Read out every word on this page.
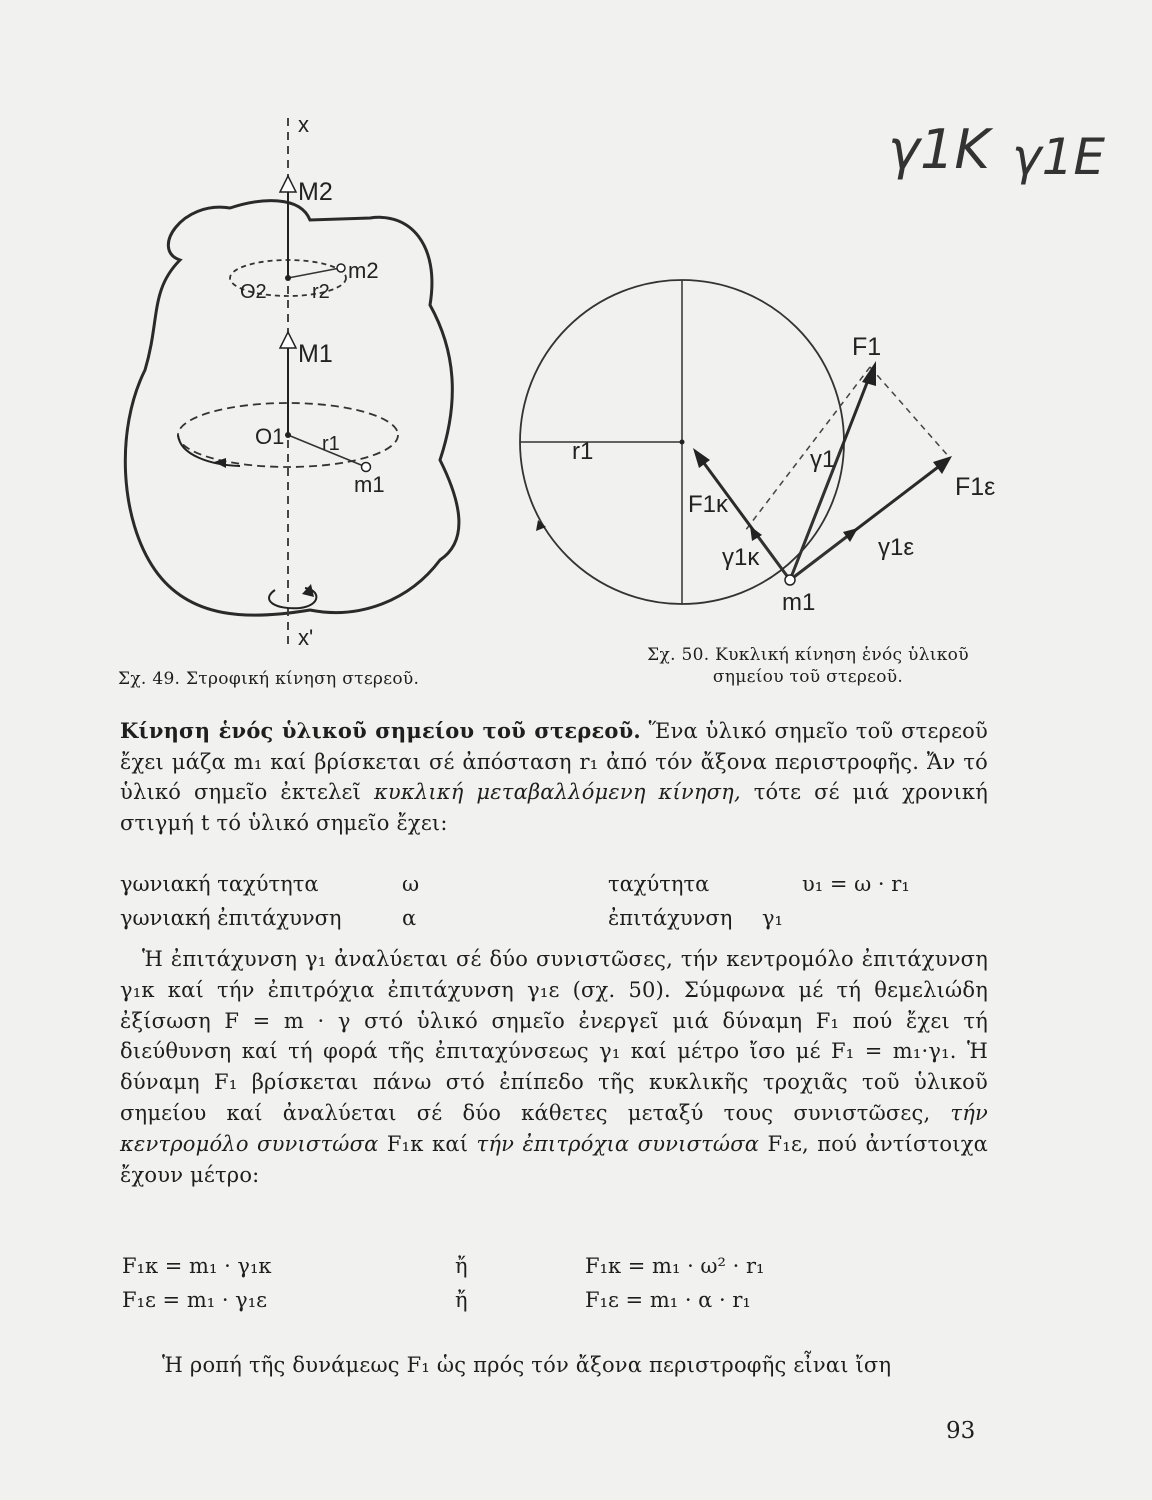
γ1K γ1E
x
x'
M2
m2
O2 r2
M1
O1 r1
m1
Σχ. 49. Στροφική κίνηση στερεοῦ.
F1
γ1
F1ε
γ1ε
F1κ
γ1κ
m1
r1
Σχ. 50. Κυκλική κίνηση ἑνός ὑλικοῦ
σημείου τοῦ στερεοῦ.

Κίνηση ἑνός ὑλικοῦ σημείου τοῦ στερεοῦ. Ἕνα ὑλικό σημεῖο τοῦ στερεοῦ ἔχει μάζα m₁ καί βρίσκεται σέ ἀπόσταση r₁ ἀπό τόν ἄξονα περιστροφῆς. Ἄν τό ὑλικό σημεῖο ἐκτελεῖ κυκλική μεταβαλλόμενη κίνηση, τότε σέ μιά χρονική στιγμή t τό ὑλικό σημεῖο ἔχει:

γωνιακή ταχύτητα	ω	ταχύτητα	υ₁ = ω · r₁
γωνιακή ἐπιτάχυνση	α	ἐπιτάχυνση γ₁

Ἡ ἐπιτάχυνση γ₁ ἀναλύεται σέ δύο συνιστῶσες, τήν κεντρομόλο ἐπιτάχυνση γ₁κ καί τήν ἐπιτρόχια ἐπιτάχυνση γ₁ε (σχ. 50). Σύμφωνα μέ τή θεμελιώδη ἐξίσωση F = m · γ στό ὑλικό σημεῖο ἐνεργεῖ μιά δύναμη F₁ πού ἔχει τή διεύθυνση καί τή φορά τῆς ἐπιταχύνσεως γ₁ καί μέτρο ἴσο μέ F₁ = m₁·γ₁. Ἡ δύναμη F₁ βρίσκεται πάνω στό ἐπίπεδο τῆς κυκλικῆς τροχιᾶς τοῦ ὑλικοῦ σημείου καί ἀναλύεται σέ δύο κάθετες μεταξύ τους συνιστῶσες, τήν κεντρομόλο συνιστώσα F₁κ καί τήν ἐπιτρόχια συνιστώσα F₁ε, πού ἀντίστοιχα ἔχουν μέτρο:

F₁κ = m₁ · γ₁κ	ἤ	F₁κ = m₁ · ω² · r₁
F₁ε = m₁ · γ₁ε	ἤ	F₁ε = m₁ · α · r₁

Ἡ ροπή τῆς δυνάμεως F₁ ὡς πρός τόν ἄξονα περιστροφῆς εἶναι ἴση

93
